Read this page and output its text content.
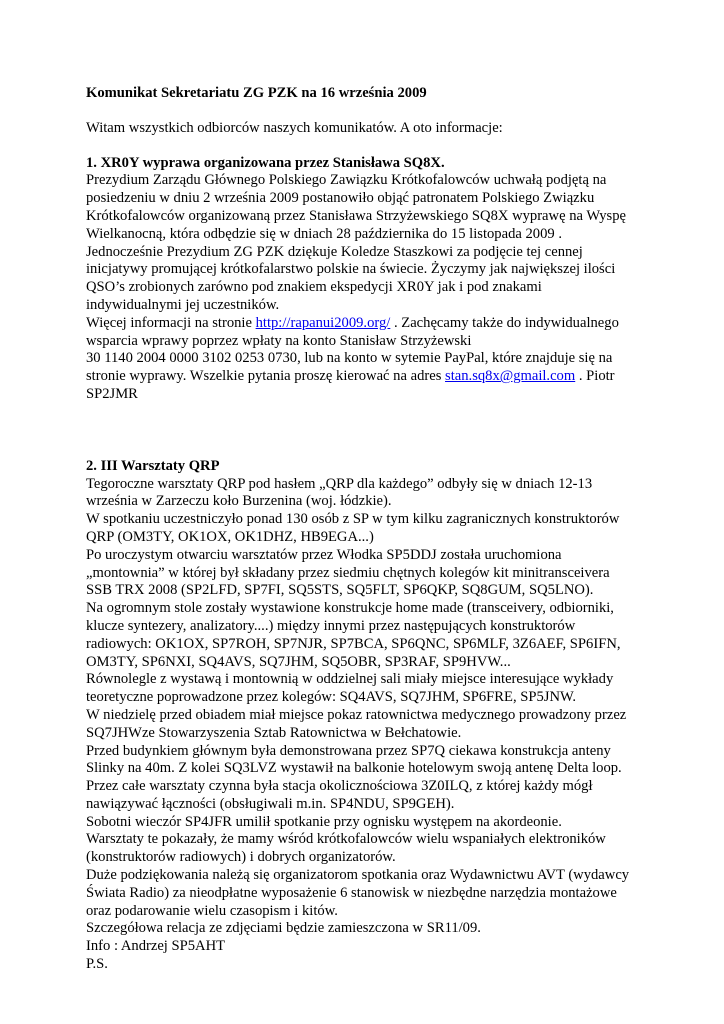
Komunikat Sekretariatu ZG PZK na 16 września 2009

Witam wszystkich odbiorców naszych komunikatów. A oto informacje:

1. XR0Y wyprawa organizowana przez Stanisława SQ8X.

Prezydium Zarządu Głównego Polskiego Zawiązku Krótkofalowców uchwałą podjętą na

posiedzeniu w dniu 2 września 2009 postanowiło objąć patronatem Polskiego Związku

Krótkofalowców organizowaną przez Stanisława Strzyżewskiego SQ8X wyprawę na Wyspę

Wielkanocną, która odbędzie się w dniach 28 października do 15 listopada 2009 .

Jednocześnie Prezydium ZG PZK dziękuje Koledze Staszkowi za podjęcie tej cennej

inicjatywy promującej krótkofalarstwo polskie na świecie. Życzymy jak największej ilości

QSO’s zrobionych zarówno pod znakiem ekspedycji XR0Y jak i pod znakami

indywidualnymi jej uczestników.

Więcej informacji na stronie http://rapanui2009.org/ . Zachęcamy także do indywidualnego

wsparcia wprawy poprzez wpłaty na konto Stanisław Strzyżewski

30 1140 2004 0000 3102 0253 0730, lub na konto w sytemie PayPal, które znajduje się na

stronie wyprawy. Wszelkie pytania proszę kierować na adres stan.sq8x@gmail.com . Piotr

SP2JMR

2. III Warsztaty QRP

Tegoroczne warsztaty QRP pod hasłem „QRP dla każdego” odbyły się w dniach 12-13

września w Zarzeczu koło Burzenina (woj. łódzkie).

W spotkaniu uczestniczyło ponad 130 osób z SP w tym kilku zagranicznych konstruktorów

QRP (OM3TY, OK1OX, OK1DHZ, HB9EGA...)

Po uroczystym otwarciu warsztatów przez Włodka SP5DDJ została uruchomiona

„montownia” w której był składany przez siedmiu chętnych kolegów kit minitransceivera

SSB TRX 2008 (SP2LFD, SP7FI, SQ5STS, SQ5FLT, SP6QKP, SQ8GUM, SQ5LNO).

Na ogromnym stole zostały wystawione konstrukcje home made (transceivery, odbiorniki,

klucze syntezery, analizatory....) między innymi przez następujących konstruktorów

radiowych: OK1OX, SP7ROH, SP7NJR, SP7BCA, SP6QNC, SP6MLF, 3Z6AEF, SP6IFN,

OM3TY, SP6NXI, SQ4AVS, SQ7JHM, SQ5OBR, SP3RAF, SP9HVW...

Równolegle z wystawą i montownią w oddzielnej sali miały miejsce interesujące wykłady

teoretyczne poprowadzone przez kolegów: SQ4AVS, SQ7JHM, SP6FRE, SP5JNW.

W niedzielę przed obiadem miał miejsce pokaz ratownictwa medycznego prowadzony przez

SQ7JHWze Stowarzyszenia Sztab Ratownictwa w Bełchatowie.

Przed budynkiem głównym była demonstrowana przez SP7Q ciekawa konstrukcja anteny

Slinky na 40m. Z kolei SQ3LVZ wystawił na balkonie hotelowym swoją antenę Delta loop.

Przez całe warsztaty czynna była stacja okolicznościowa 3Z0ILQ, z której każdy mógł

nawiązywać łączności (obsługiwali m.in. SP4NDU, SP9GEH).

Sobotni wieczór SP4JFR umilił spotkanie przy ognisku występem na akordeonie.

Warsztaty te pokazały, że mamy wśród krótkofalowców wielu wspaniałych elektroników

(konstruktorów radiowych) i dobrych organizatorów.

Duże podziękowania należą się organizatorom spotkania oraz Wydawnictwu AVT (wydawcy

Świata Radio) za nieodpłatne wyposażenie 6 stanowisk w niezbędne narzędzia montażowe

oraz podarowanie wielu czasopism i kitów.

Szczegółowa relacja ze zdjęciami będzie zamieszczona w SR11/09.

Info : Andrzej SP5AHT

P.S.
